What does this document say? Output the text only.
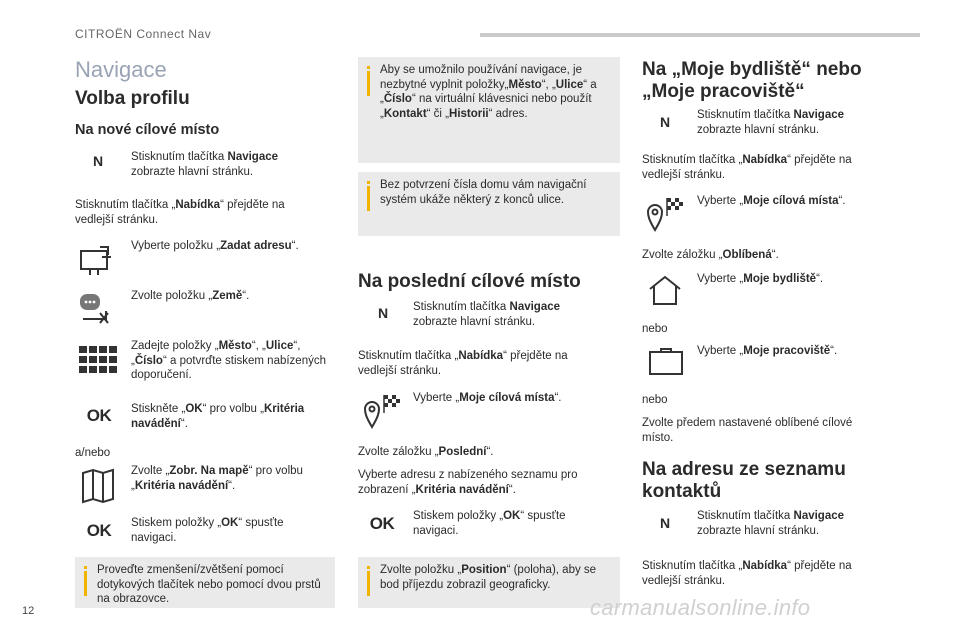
CITROËN Connect Nav
Navigace
Volba profilu
Na nové cílové místo
N	Stisknutím tlačítka Navigace
zobrazte hlavní stránku.
Stisknutím tlačítka „Nabídka“ přejděte na vedlejší stránku.
Vyberte položku „Zadat adresu“.
Zvolte položku „Země“.
Zadejte položky „Město“, „Ulice“, „Číslo“ a potvrďte stiskem nabízených doporučení.
OK	Stiskněte „OK“ pro volbu „Kritéria navádění“.
a/nebo
Zvolte „Zobr. Na mapě“ pro volbu „Kritéria navádění“.
OK	Stiskem položky „OK“ spusťte navigaci.
Proveďte zmenšení/zvětšení pomocí dotykových tlačítek nebo pomocí dvou prstů na obrazovce.
Aby se umožnilo používání navigace, je nezbytné vyplnit položky„Město“, „Ulice“ a „Číslo“ na virtuální klávesnici nebo použít „Kontakt“ či „Historii“ adres.
Bez potvrzení čísla domu vám navigační systém ukáže některý z konců ulice.
Na poslední cílové místo
N	Stisknutím tlačítka Navigace
zobrazte hlavní stránku.
Stisknutím tlačítka „Nabídka“ přejděte na vedlejší stránku.
Vyberte „Moje cílová místa“.
Zvolte záložku „Poslední“.
Vyberte adresu z nabízeného seznamu pro zobrazení „Kritéria navádění“.
OK	Stiskem položky „OK“ spusťte navigaci.
Zvolte položku „Position“ (poloha), aby se bod příjezdu zobrazil geograficky.
Na „Moje bydliště“ nebo
„Moje pracoviště“
N	Stisknutím tlačítka Navigace
zobrazte hlavní stránku.
Stisknutím tlačítka „Nabídka“ přejděte na vedlejší stránku.
Vyberte „Moje cílová místa“.
Zvolte záložku „Oblíbená“.
Vyberte „Moje bydliště“.
nebo
Vyberte „Moje pracoviště“.
nebo
Zvolte předem nastavené oblíbené cílové místo.
Na adresu ze seznamu
kontaktů
N	Stisknutím tlačítka Navigace
zobrazte hlavní stránku.
Stisknutím tlačítka „Nabídka“ přejděte na vedlejší stránku.
12	carmanualsonline.info
